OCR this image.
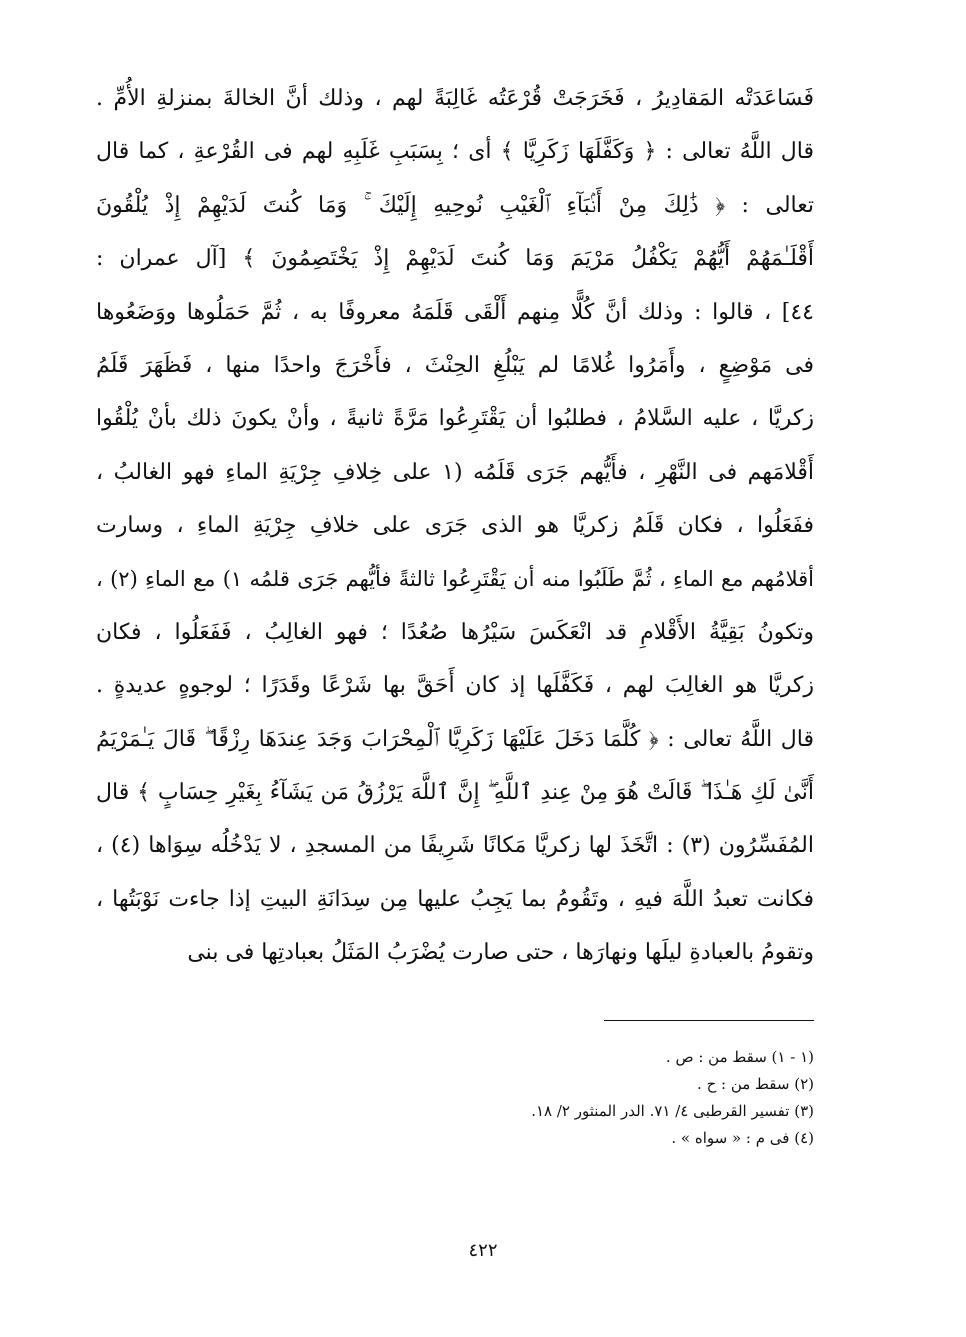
فَسَاعَدَتْه المَقادِيرُ ، فَخَرَجَتْ قُرْعَتُه غَالِبَةً لهم ، وذلك أنَّ الخالةَ بمنزلةِ الأُمِّ .
قال اللَّهُ تعالى : ﴿ وَكَفَّلَهَا زَكَرِيَّا ﴾ أى ؛ بِسَبَبِ غَلَبِهِ لهم فى القُرْعةِ ، كما قال
تعالى : ﴿ ذَٰلِكَ مِنْ أَنۢبَآءِ ٱلْغَيْبِ نُوحِيهِ إِلَيْكَ ۚ وَمَا كُنتَ لَدَيْهِمْ إِذْ يُلْقُونَ
أَقْلَـٰمَهُمْ أَيُّهُمْ يَكْفُلُ مَرْيَمَ وَمَا كُنتَ لَدَيْهِمْ إِذْ يَخْتَصِمُونَ ﴾ [آل عمران :
٤٤] ، قالوا : وذلك أنَّ كُلًّا مِنهم أَلْقَى قَلَمَهُ معروفًا به ، ثُمَّ حَمَلُوها ووَضَعُوها
فى مَوْضِعٍ ، وأَمَرُوا غُلامًا لم يَبْلُغِ الحِنْثَ ، فأَخْرَجَ واحدًا منها ، فَظَهَرَ قَلَمُ
زكريَّا ، عليه السَّلامُ ، فطلبُوا أن يَقْتَرِعُوا مَرَّةً ثانيةً ، وأنْ يكونَ ذلك بأنْ يُلْقُوا
أَقْلامَهم فى النَّهْرِ ، فأَيُّهم جَرَى قَلَمُه (١ على خِلافِ جِرْيَةِ الماءِ فهو الغالبُ ،
ففَعَلُوا ، فكان قَلَمُ زكريَّا هو الذى جَرَى على خلافِ جِرْيَةِ الماءِ ، وسارت
أقلامُهم مع الماءِ ، ثُمَّ طَلَبُوا منه أن يَقْتَرِعُوا ثالثةً فأيُّهم جَرَى قلمُه ١) مع الماءِ (٢) ،
وتكونُ بَقِيَّةُ الأَقْلامِ قد انْعَكَسَ سَيْرُها صُعُدًا ؛ فهو الغالِبُ ، فَفَعَلُوا ، فكان
زكريَّا هو الغالِبَ لهم ، فَكَفَّلَها إذ كان أَحَقَّ بها شَرْعًا وقَدَرًا ؛ لوجوهٍ عديدةٍ .
قال اللَّهُ تعالى : ﴿ كُلَّمَا دَخَلَ عَلَيْهَا زَكَرِيَّا ٱلْمِحْرَابَ وَجَدَ عِندَهَا رِزْقًا ۖ قَالَ يَـٰمَرْيَمُ
أَنَّىٰ لَكِ هَـٰذَا ۖ قَالَتْ هُوَ مِنْ عِندِ ٱللَّهِ ۖ إِنَّ ٱللَّهَ يَرْزُقُ مَن يَشَآءُ بِغَيْرِ حِسَابٍ ﴾ قال
المُفَسِّرُون (٣) : اتَّخَذَ لها زكريَّا مَكانًا شَرِيفًا من المسجدِ ، لا يَدْخُلُه سِوَاها (٤) ،
فكانت تعبدُ اللَّهَ فيهِ ، وتَقُومُ بما يَجِبُ عليها مِن سِدَانَةِ البيتِ إذا جاءت نَوْبَتُها ،
وتقومُ بالعبادةِ ليلَها ونهارَها ، حتى صارت يُضْرَبُ المَثَلُ بعبادتِها فى بنى
(١ - ١) سقط من : ص .
(٢) سقط من : ح .
(٣) تفسير القرطبى ٤/ ٧١. الدر المنثور ٢/ ١٨.
(٤) فى م : « سواه » .
٤٢٢
